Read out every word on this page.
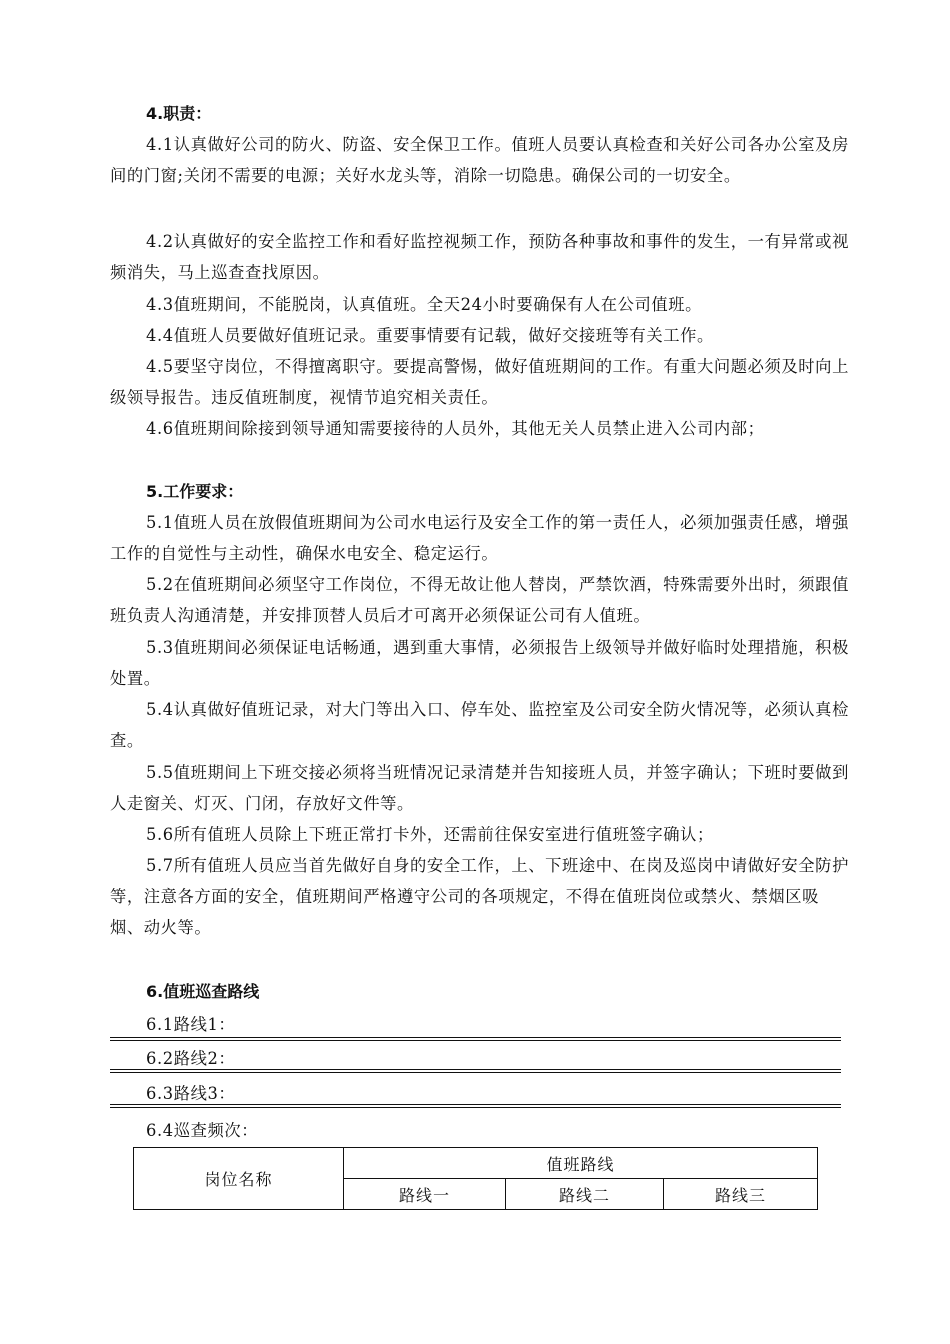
4.职责：

4.1认真做好公司的防火、防盗、安全保卫工作。值班人员要认真检查和关好公司各办公室及房间的门窗;关闭不需要的电源；关好水龙头等，消除一切隐患。确保公司的一切安全。

4.2认真做好的安全监控工作和看好监控视频工作，预防各种事故和事件的发生，一有异常或视频消失，马上巡查查找原因。

4.3值班期间，不能脱岗，认真值班。全天24小时要确保有人在公司值班。

4.4值班人员要做好值班记录。重要事情要有记载，做好交接班等有关工作。

4.5要坚守岗位，不得擅离职守。要提高警惕，做好值班期间的工作。有重大问题必须及时向上级领导报告。违反值班制度，视情节追究相关责任。

4.6值班期间除接到领导通知需要接待的人员外，其他无关人员禁止进入公司内部；

5.工作要求：

5.1值班人员在放假值班期间为公司水电运行及安全工作的第一责任人，必须加强责任感，增强工作的自觉性与主动性，确保水电安全、稳定运行。

5.2在值班期间必须坚守工作岗位，不得无故让他人替岗，严禁饮酒，特殊需要外出时，须跟值班负责人沟通清楚，并安排顶替人员后才可离开必须保证公司有人值班。

5.3值班期间必须保证电话畅通，遇到重大事情，必须报告上级领导并做好临时处理措施，积极处置。

5.4认真做好值班记录，对大门等出入口、停车处、监控室及公司安全防火情况等，必须认真检查。

5.5值班期间上下班交接必须将当班情况记录清楚并告知接班人员，并签字确认；下班时要做到人走窗关、灯灭、门闭，存放好文件等。

5.6所有值班人员除上下班正常打卡外，还需前往保安室进行值班签字确认；

5.7所有值班人员应当首先做好自身的安全工作，上、下班途中、在岗及巡岗中请做好安全防护等，注意各方面的安全，值班期间严格遵守公司的各项规定，不得在值班岗位或禁火、禁烟区吸烟、动火等。

6.值班巡查路线
6.1路线1：
6.2路线2：
6.3路线3：
6.4巡查频次：
岗位名称	值班路线		
	路线一	路线二	路线三
